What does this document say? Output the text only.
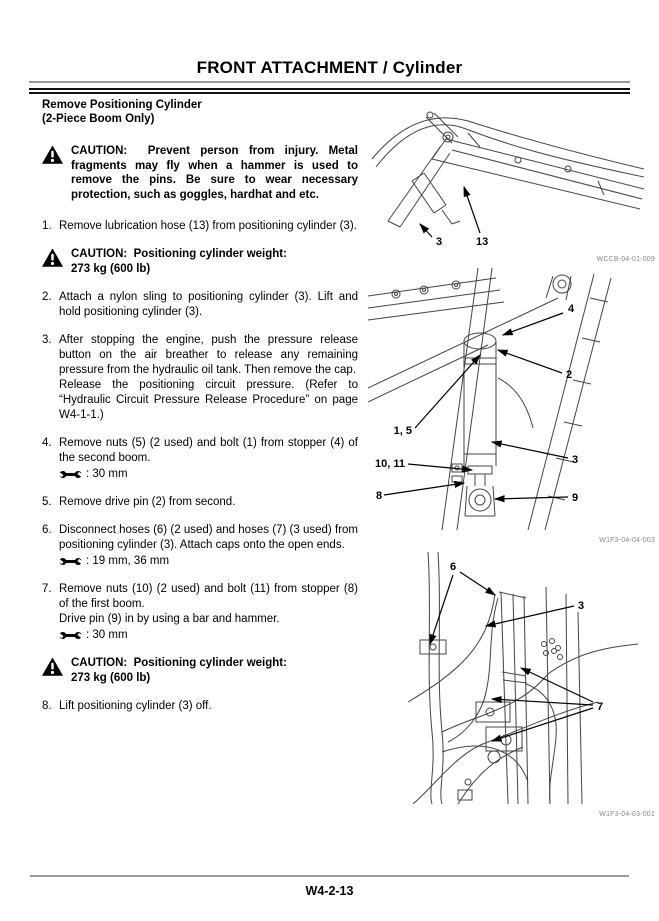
FRONT ATTACHMENT / Cylinder
Remove Positioning Cylinder
(2-Piece Boom Only)
CAUTION: Prevent person from injury. Metal fragments may fly when a hammer is used to remove the pins. Be sure to wear necessary protection, such as goggles, hardhat and etc.
1. Remove lubrication hose (13) from positioning cylinder (3).
CAUTION: Positioning cylinder weight:
273 kg (600 lb)
2. Attach a nylon sling to positioning cylinder (3). Lift and hold positioning cylinder (3).
3. After stopping the engine, push the pressure release button on the air breather to release any remaining pressure from the hydraulic oil tank. Then remove the cap.
Release the positioning circuit pressure. (Refer to “Hydraulic Circuit Pressure Release Procedure” on page W4-1-1.)
4. Remove nuts (5) (2 used) and bolt (1) from stopper (4) of the second boom.
: 30 mm
5. Remove drive pin (2) from second.
6. Disconnect hoses (6) (2 used) and hoses (7) (3 used) from positioning cylinder (3). Attach caps onto the open ends.
: 19 mm, 36 mm
7. Remove nuts (10) (2 used) and bolt (11) from stopper (8) of the first boom.
Drive pin (9) in by using a bar and hammer.
: 30 mm
CAUTION: Positioning cylinder weight:
273 kg (600 lb)
8. Lift positioning cylinder (3) off.
3	13
WCCB-04-01-009
4
2
1, 5
10, 11	3
8	9
W1F3-04-04-003
6
3
7
W1F3-04-03-001
W4-2-13
